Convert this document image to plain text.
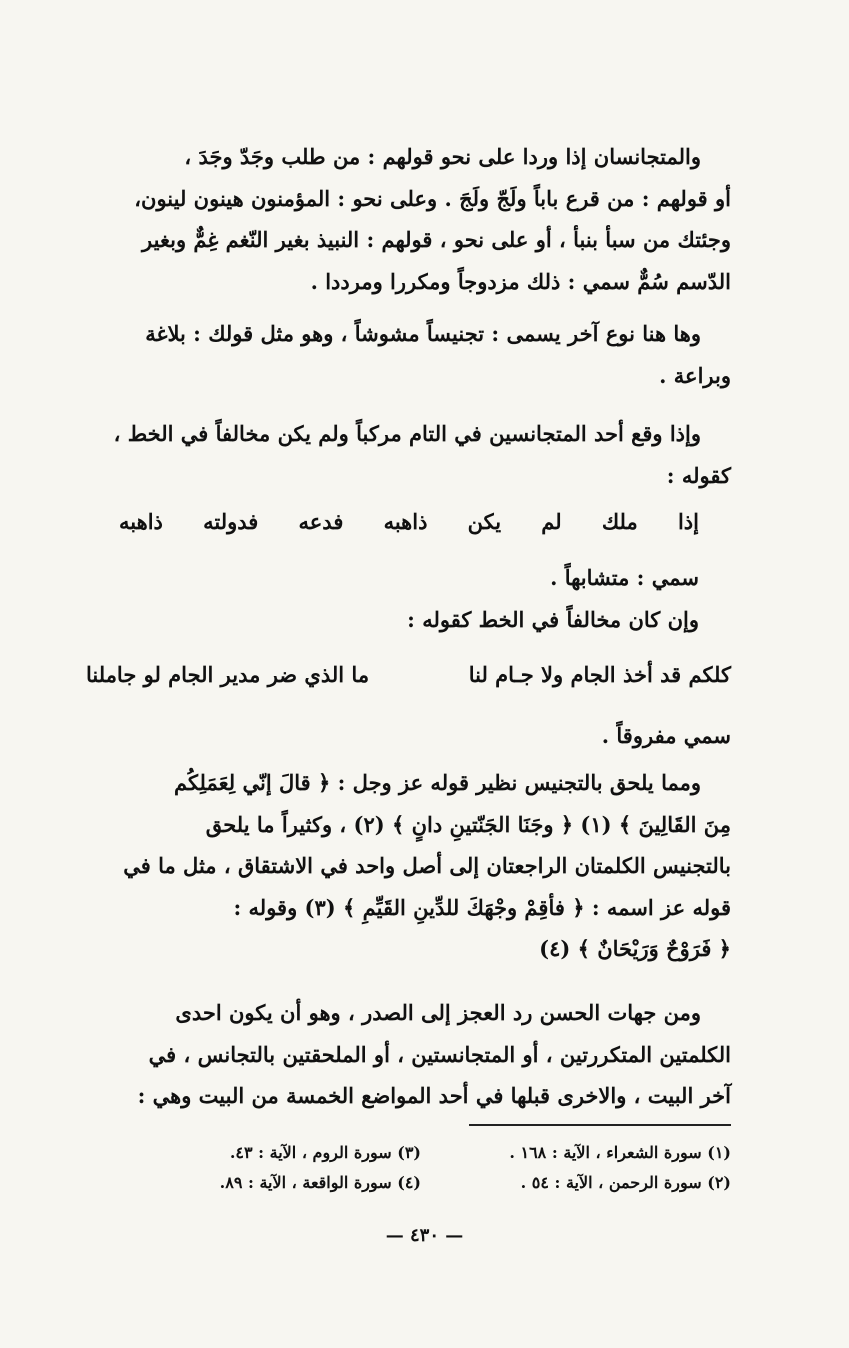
والمتجانسان إذا وردا على نحو قولهم : من طلب وجَدّ وجَدَ ،

أو قولهم : من قرع باباً ولَجّ ولَجَ . وعلى نحو : المؤمنون هينون لينون،
وجئتك من سبأ بنبأ ، أو على نحو ، قولهم : النبيذ بغير النّغم غِمٌّ وبغير
الدّسم سُمٌّ سمي : ذلك مزدوجاً ومكررا ومرددا .

وها هنا نوع آخر يسمى : تجنيساً مشوشاً ، وهو مثل قولك : بلاغة

وبراعة .

وإذا وقع أحد المتجانسين في التام مركباً ولم يكن مخالفاً في الخط ،

كقوله :
إذا
ملك
لم
يكن
ذاهبه
فدعه
فدولته
ذاهبه
سمي : متشابهاً .
وإن كان مخالفاً في الخط كقوله :
كلكم قد أخذ الجام ولا جـام لنا
ما الذي ضر مدير الجام لو جاملنا
سمي مفروقاً .

ومما يلحق بالتجنيس نظير قوله عز وجل : ﴿ قالَ إنّي لِعَمَلِكُم

مِنَ القَالِينَ ﴾ (١) ﴿ وجَنَا الجَنّتينِ دانٍ ﴾ (٢) ، وكثيراً ما يلحق
بالتجنيس الكلمتان الراجعتان إلى أصل واحد في الاشتقاق ، مثل ما في
قوله عز اسمه : ﴿ فأقِمْ وجْهَكَ للدِّينِ القَيِّمِ ﴾ (٣) وقوله :
﴿ فَرَوْحٌ وَرَيْحَانٌ ﴾ (٤)

ومن جهات الحسن رد العجز إلى الصدر ، وهو أن يكون احدى

الكلمتين المتكررتين ، أو المتجانستين ، أو الملحقتين بالتجانس ، في
آخر البيت ، والاخرى قبلها في أحد المواضع الخمسة من البيت وهي :
(١) سورة الشعراء ، الآية : ١٦٨ .
(٣) سورة الروم ، الآية : ٤٣.
(٢) سورة الرحمن ، الآية : ٥٤ .
(٤) سورة الواقعة ، الآية : ٨٩.
— ٤٣٠ —
